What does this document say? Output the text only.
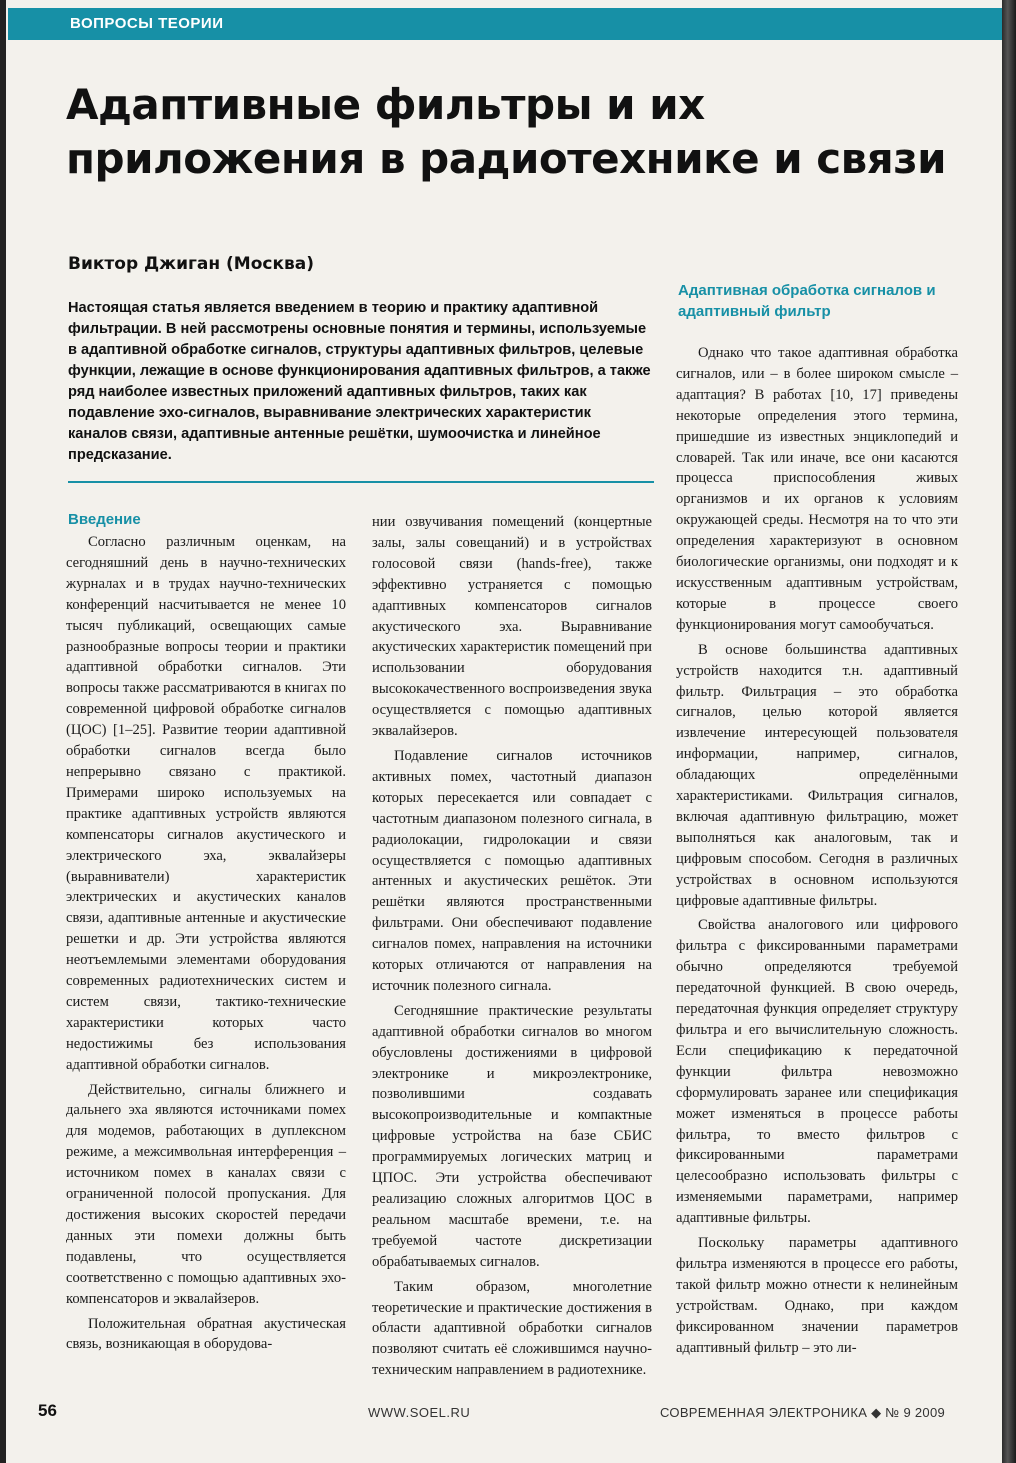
ВОПРОСЫ ТЕОРИИ
Адаптивные фильтры и их приложения в радиотехнике и связи
Виктор Джиган (Москва)

Настоящая статья является введением в теорию и практику адаптивной фильтрации. В ней рассмотрены основные понятия и термины, используемые в адаптивной обработке сигналов, структуры адаптивных фильтров, целевые функции, лежащие в основе функционирования адаптивных фильтров, а также ряд наиболее известных приложений адаптивных фильтров, таких как подавление эхо-сигналов, выравнивание электрических характеристик каналов связи, адаптивные антенные решётки, шумоочистка и линейное предсказание.

Введение

Согласно различным оценкам, на сегодняшний день в научно-технических журналах и в трудах научно-технических конференций насчитывается не менее 10 тысяч публикаций, освещающих самые разнообразные вопросы теории и практики адаптивной обработки сигналов. Эти вопросы также рассматриваются в книгах по современной цифровой обработке сигналов (ЦОС) [1–25]. Развитие теории адаптивной обработки сигналов всегда было непрерывно связано с практикой. Примерами широко используемых на практике адаптивных устройств являются компенсаторы сигналов акустического и электрического эха, эквалайзеры (выравниватели) характеристик электрических и акустических каналов связи, адаптивные антенные и акустические решетки и др. Эти устройства являются неотъемлемыми элементами оборудования современных радиотехнических систем и систем связи, тактико-технические характеристики которых часто недостижимы без использования адаптивной обработки сигналов.

Действительно, сигналы ближнего и дальнего эха являются источниками помех для модемов, работающих в дуплексном режиме, а межсимвольная интерференция – источником помех в каналах связи с ограниченной полосой пропускания. Для достижения высоких скоростей передачи данных эти помехи должны быть подавлены, что осуществляется соответственно с помощью адаптивных эхо-компенсаторов и эквалайзеров.

Положительная обратная акустическая связь, возникающая в оборудова-

нии озвучивания помещений (концертные залы, залы совещаний) и в устройствах голосовой связи (hands-free), также эффективно устраняется с помощью адаптивных компенсаторов сигналов акустического эха. Выравнивание акустических характеристик помещений при использовании оборудования высококачественного воспроизведения звука осуществляется с помощью адаптивных эквалайзеров.

Подавление сигналов источников активных помех, частотный диапазон которых пересекается или совпадает с частотным диапазоном полезного сигнала, в радиолокации, гидролокации и связи осуществляется с помощью адаптивных антенных и акустических решёток. Эти решётки являются пространственными фильтрами. Они обеспечивают подавление сигналов помех, направления на источники которых отличаются от направления на источник полезного сигнала.

Сегодняшние практические результаты адаптивной обработки сигналов во многом обусловлены достижениями в цифровой электронике и микроэлектронике, позволившими создавать высокопроизводительные и компактные цифровые устройства на базе СБИС программируемых логических матриц и ЦПОС. Эти устройства обеспечивают реализацию сложных алгоритмов ЦОС в реальном масштабе времени, т.е. на требуемой частоте дискретизации обрабатываемых сигналов.

Таким образом, многолетние теоретические и практические достижения в области адаптивной обработки сигналов позволяют считать её сложившимся научно-техническим направлением в радиотехнике.

Адаптивная обработка сигналов и адаптивный фильтр

Однако что такое адаптивная обработка сигналов, или – в более широком смысле – адаптация? В работах [10, 17] приведены некоторые определения этого термина, пришедшие из известных энциклопедий и словарей. Так или иначе, все они касаются процесса приспособления живых организмов и их органов к условиям окружающей среды. Несмотря на то что эти определения характеризуют в основном биологические организмы, они подходят и к искусственным адаптивным устройствам, которые в процессе своего функционирования могут самообучаться.

В основе большинства адаптивных устройств находится т.н. адаптивный фильтр. Фильтрация – это обработка сигналов, целью которой является извлечение интересующей пользователя информации, например, сигналов, обладающих определёнными характеристиками. Фильтрация сигналов, включая адаптивную фильтрацию, может выполняться как аналоговым, так и цифровым способом. Сегодня в различных устройствах в основном используются цифровые адаптивные фильтры.

Свойства аналогового или цифрового фильтра с фиксированными параметрами обычно определяются требуемой передаточной функцией. В свою очередь, передаточная функция определяет структуру фильтра и его вычислительную сложность. Если спецификацию к передаточной функции фильтра невозможно сформулировать заранее или спецификация может изменяться в процессе работы фильтра, то вместо фильтров с фиксированными параметрами целесообразно использовать фильтры с изменяемыми параметрами, например адаптивные фильтры.

Поскольку параметры адаптивного фильтра изменяются в процессе его работы, такой фильтр можно отнести к нелинейным устройствам. Однако, при каждом фиксированном значении параметров адаптивный фильтр – это ли-

56	WWW.SOEL.RU	СОВРЕМЕННАЯ ЭЛЕКТРОНИКА ◆ № 9 2009
